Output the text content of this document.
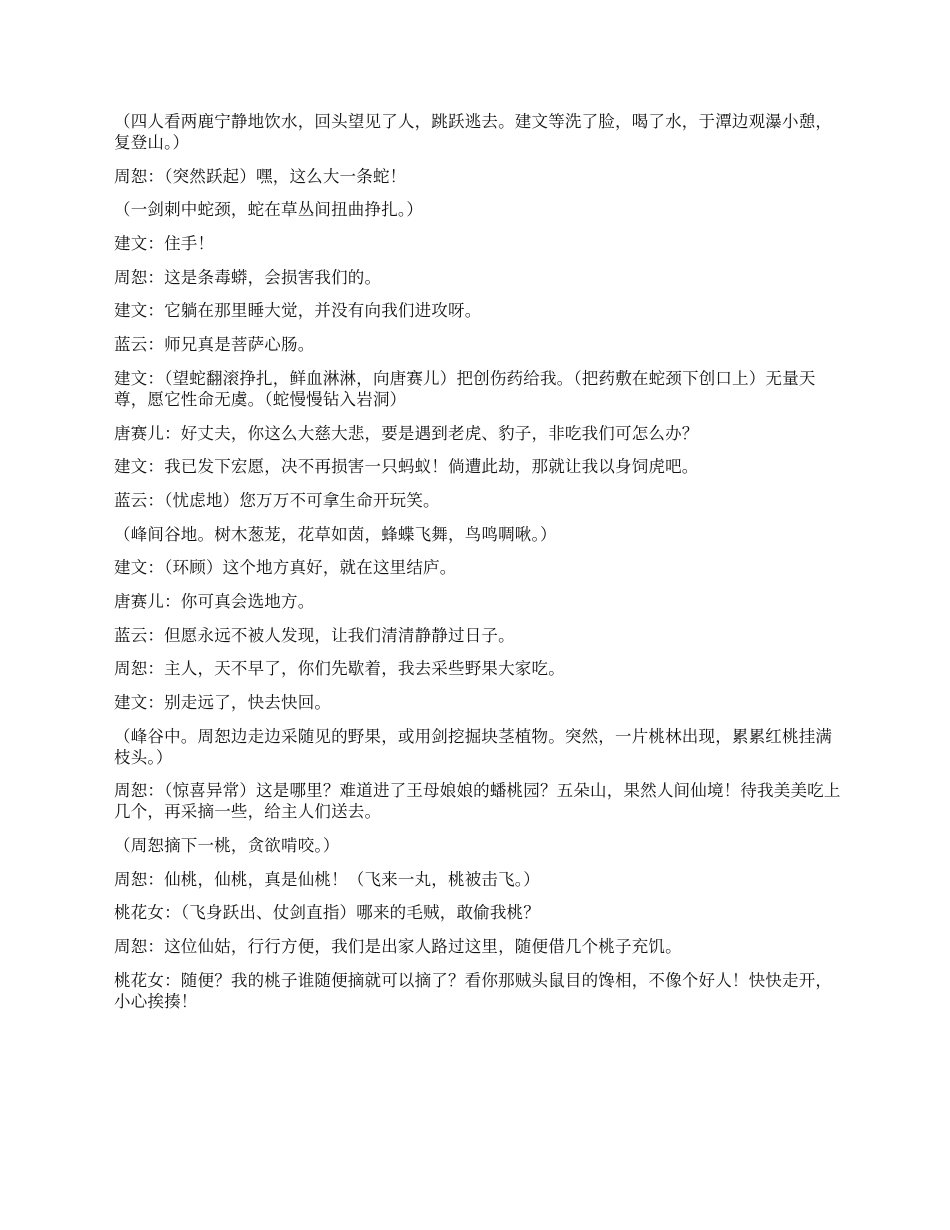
（四人看两鹿宁静地饮水，回头望见了人，跳跃逃去。建文等洗了脸，喝了水，于潭边观瀑小憩，复登山。）

周恕：（突然跃起）嘿，这么大一条蛇！

（一剑刺中蛇颈，蛇在草丛间扭曲挣扎。）

建文：住手！

周恕：这是条毒蟒，会损害我们的。

建文：它躺在那里睡大觉，并没有向我们进攻呀。

蓝云：师兄真是菩萨心肠。

建文：（望蛇翻滚挣扎，鲜血淋淋，向唐赛儿）把创伤药给我。（把药敷在蛇颈下创口上）无量天尊，愿它性命无虞。（蛇慢慢钻入岩洞）

唐赛儿：好丈夫，你这么大慈大悲，要是遇到老虎、豹子，非吃我们可怎么办？

建文：我已发下宏愿，决不再损害一只蚂蚁！倘遭此劫，那就让我以身饲虎吧。

蓝云：（忧虑地）您万万不可拿生命开玩笑。

（峰间谷地。树木葱茏，花草如茵，蜂蝶飞舞，鸟鸣啁啾。）

建文：（环顾）这个地方真好，就在这里结庐。

唐赛儿：你可真会选地方。

蓝云：但愿永远不被人发现，让我们清清静静过日子。

周恕：主人，天不早了，你们先歇着，我去采些野果大家吃。

建文：别走远了，快去快回。

（峰谷中。周恕边走边采随见的野果，或用剑挖掘块茎植物。突然，一片桃林出现，累累红桃挂满枝头。）

周恕：（惊喜异常）这是哪里？难道进了王母娘娘的蟠桃园？五朵山，果然人间仙境！待我美美吃上几个，再采摘一些，给主人们送去。

（周恕摘下一桃，贪欲啃咬。）

周恕：仙桃，仙桃，真是仙桃！（飞来一丸，桃被击飞。）

桃花女：（飞身跃出、仗剑直指）哪来的毛贼，敢偷我桃？

周恕：这位仙姑，行行方便，我们是出家人路过这里，随便借几个桃子充饥。

桃花女：随便？我的桃子谁随便摘就可以摘了？看你那贼头鼠目的馋相，不像个好人！快快走开，小心挨揍！
